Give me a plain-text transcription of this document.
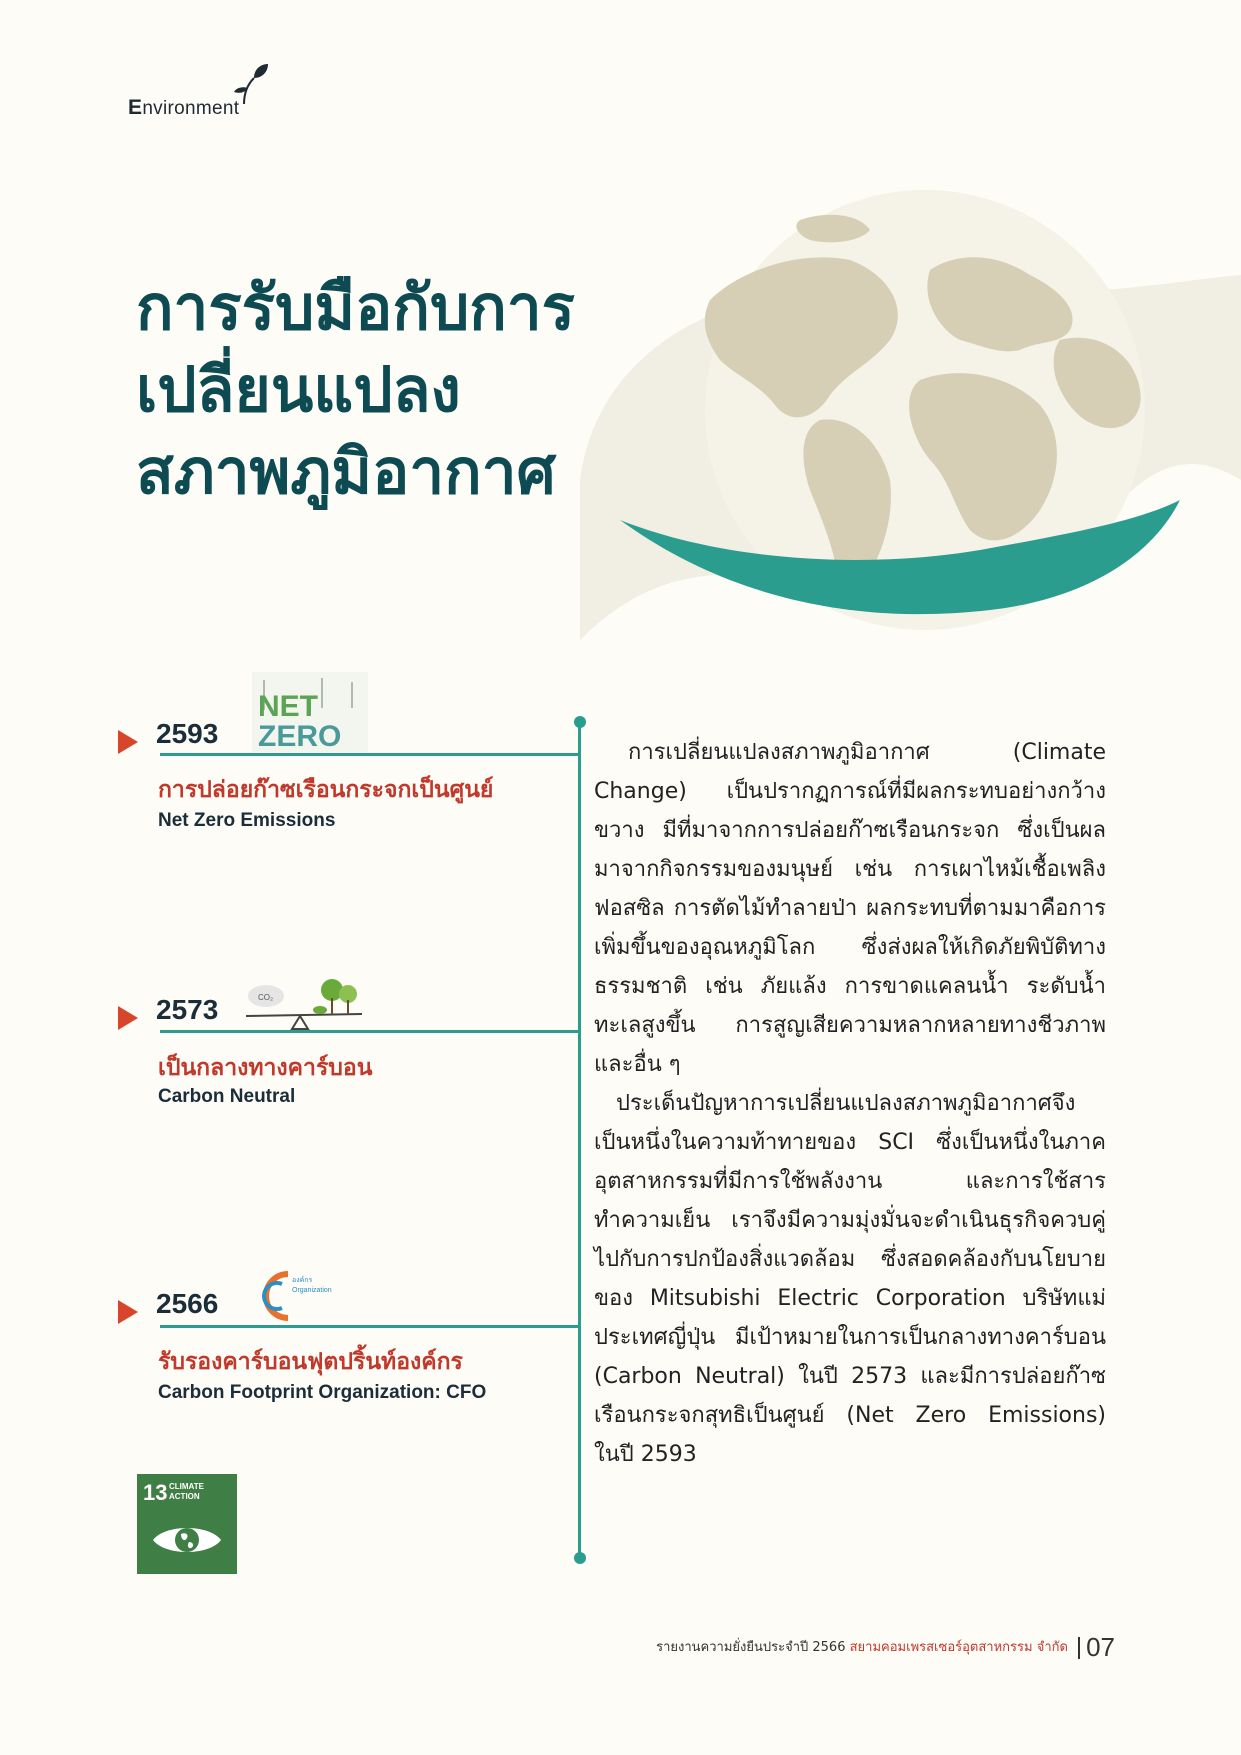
Environment
การรับมือกับการ
เปลี่ยนแปลง
สภาพภูมิอากาศ
2593
NET
ZERO
การปล่อยก๊าซเรือนกระจกเป็นศูนย์
Net Zero Emissions
2573	CO₂
เป็นกลางทางคาร์บอน
Carbon Neutral
2566
องค์กร
Organization
รับรองคาร์บอนฟุตปริ้นท์องค์กร
Carbon Footprint Organization: CFO

การเปลี่ยนแปลงสภาพภูมิอากาศ (Climate Change) เป็นปรากฏการณ์ที่มีผลกระทบอย่างกว้างขวาง มีที่มาจากการปล่อยก๊าซเรือนกระจก ซึ่งเป็นผลมาจากกิจกรรมของมนุษย์ เช่น การเผาไหม้เชื้อเพลิงฟอสซิล การตัดไม้ทำลายป่า ผลกระทบที่ตามมาคือการเพิ่มขึ้นของอุณหภูมิโลก ซึ่งส่งผลให้เกิดภัยพิบัติทางธรรมชาติ เช่น ภัยแล้ง การขาดแคลนน้ำ ระดับน้ำทะเลสูงขึ้น การสูญเสียความหลากหลายทางชีวภาพ และอื่น ๆ

ประเด็นปัญหาการเปลี่ยนแปลงสภาพภูมิอากาศจึงเป็นหนึ่งในความท้าทายของ SCI ซึ่งเป็นหนึ่งในภาคอุตสาหกรรมที่มีการใช้พลังงาน และการใช้สารทำความเย็น เราจึงมีความมุ่งมั่นจะดำเนินธุรกิจควบคู่ไปกับการปกป้องสิ่งแวดล้อม ซึ่งสอดคล้องกับนโยบายของ Mitsubishi Electric Corporation บริษัทแม่ประเทศญี่ปุ่น มีเป้าหมายในการเป็นกลางทางคาร์บอน (Carbon Neutral) ในปี 2573 และมีการปล่อยก๊าซเรือนกระจกสุทธิเป็นศูนย์ (Net Zero Emissions) ในปี 2593

13 CLIMATE
ACTION
รายงานความยั่งยืนประจำปี 2566 สยามคอมเพรสเซอร์อุตสาหกรรม จำกัด 07
